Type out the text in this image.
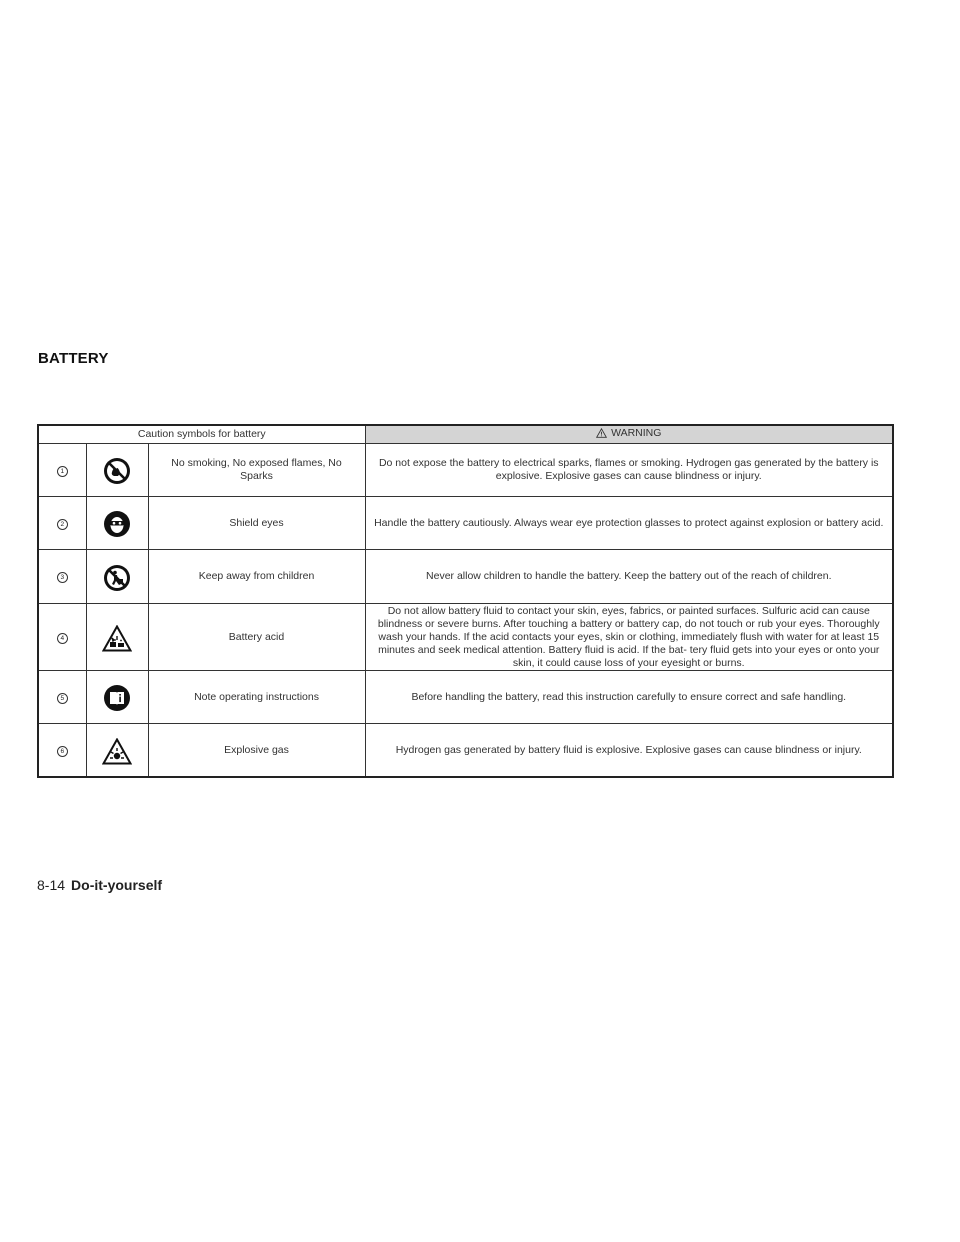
BATTERY
Caution symbols for battery			WARNING
1		No smoking, No exposed flames, No Sparks	Do not expose the battery to electrical sparks, flames or smoking. Hydrogen gas generated by the battery is explosive. Explosive gases can cause blindness or injury.
2		Shield eyes	Handle the battery cautiously. Always wear eye protection glasses to protect against explosion or battery acid.
3		Keep away from children	Never allow children to handle the battery. Keep the battery out of the reach of children.
4		Battery acid	Do not allow battery fluid to contact your skin, eyes, fabrics, or painted surfaces. Sulfuric acid can cause blindness or severe burns. After touching a battery or battery cap, do not touch or rub your eyes. Thoroughly wash your hands. If the acid contacts your eyes, skin or clothing, immediately flush with water for at least 15 minutes and seek medical attention. Battery fluid is acid. If the bat- tery fluid gets into your eyes or onto your skin, it could cause loss of your eyesight or burns.
5		Note operating instructions	Before handling the battery, read this instruction carefully to ensure correct and safe handling.
6		Explosive gas	Hydrogen gas generated by battery fluid is explosive. Explosive gases can cause blindness or injury.
8-14 Do-it-yourself
